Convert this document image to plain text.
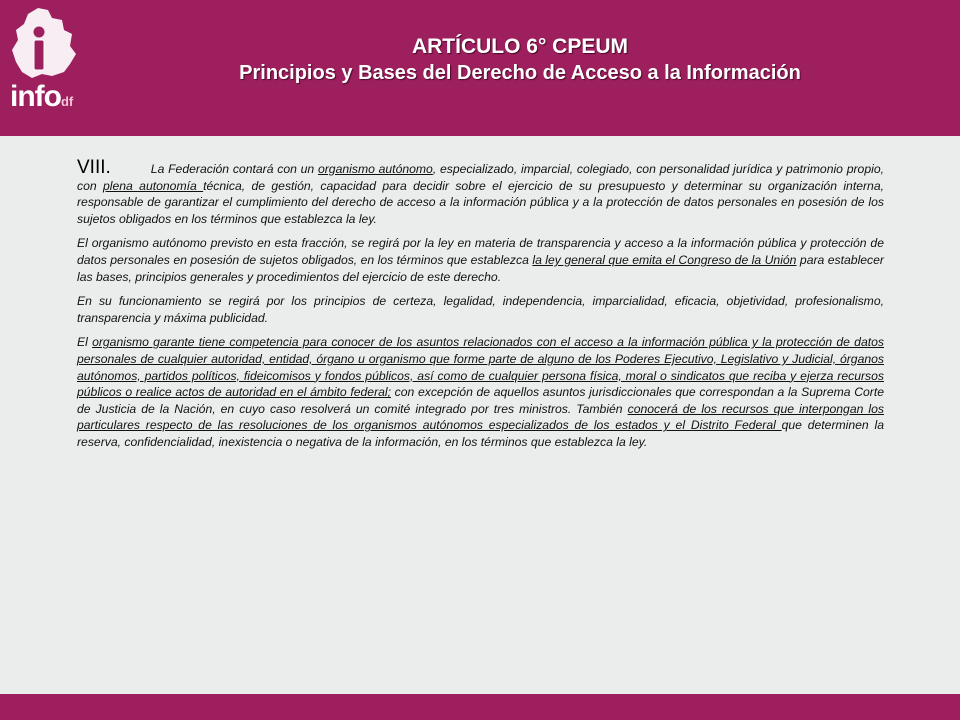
infodf
ARTÍCULO 6° CPEUM
Principios y Bases del Derecho de Acceso a la Información

VIII.	La Federación contará con un organismo autónomo, especializado, imparcial, colegiado, con personalidad jurídica y patrimonio propio, con plena autonomía técnica, de gestión, capacidad para decidir sobre el ejercicio de su presupuesto y determinar su organización interna, responsable de garantizar el cumplimiento del derecho de acceso a la información pública y a la protección de datos personales en posesión de los sujetos obligados en los términos que establezca la ley.

El organismo autónomo previsto en esta fracción, se regirá por la ley en materia de transparencia y acceso a la información pública y protección de datos personales en posesión de sujetos obligados, en los términos que establezca la ley general que emita el Congreso de la Unión para establecer las bases, principios generales y procedimientos del ejercicio de este derecho.

En su funcionamiento se regirá por los principios de certeza, legalidad, independencia, imparcialidad, eficacia, objetividad, profesionalismo, transparencia y máxima publicidad.

El organismo garante tiene competencia para conocer de los asuntos relacionados con el acceso a la información pública y la protección de datos personales de cualquier autoridad, entidad, órgano u organismo que forme parte de alguno de los Poderes Ejecutivo, Legislativo y Judicial, órganos autónomos, partidos políticos, fideicomisos y fondos públicos, así como de cualquier persona física, moral o sindicatos que reciba y ejerza recursos públicos o realice actos de autoridad en el ámbito federal; con excepción de aquellos asuntos jurisdiccionales que correspondan a la Suprema Corte de Justicia de la Nación, en cuyo caso resolverá un comité integrado por tres ministros. También conocerá de los recursos que interpongan los particulares respecto de las resoluciones de los organismos autónomos especializados de los estados y el Distrito Federal que determinen la reserva, confidencialidad, inexistencia o negativa de la información, en los términos que establezca la ley.
